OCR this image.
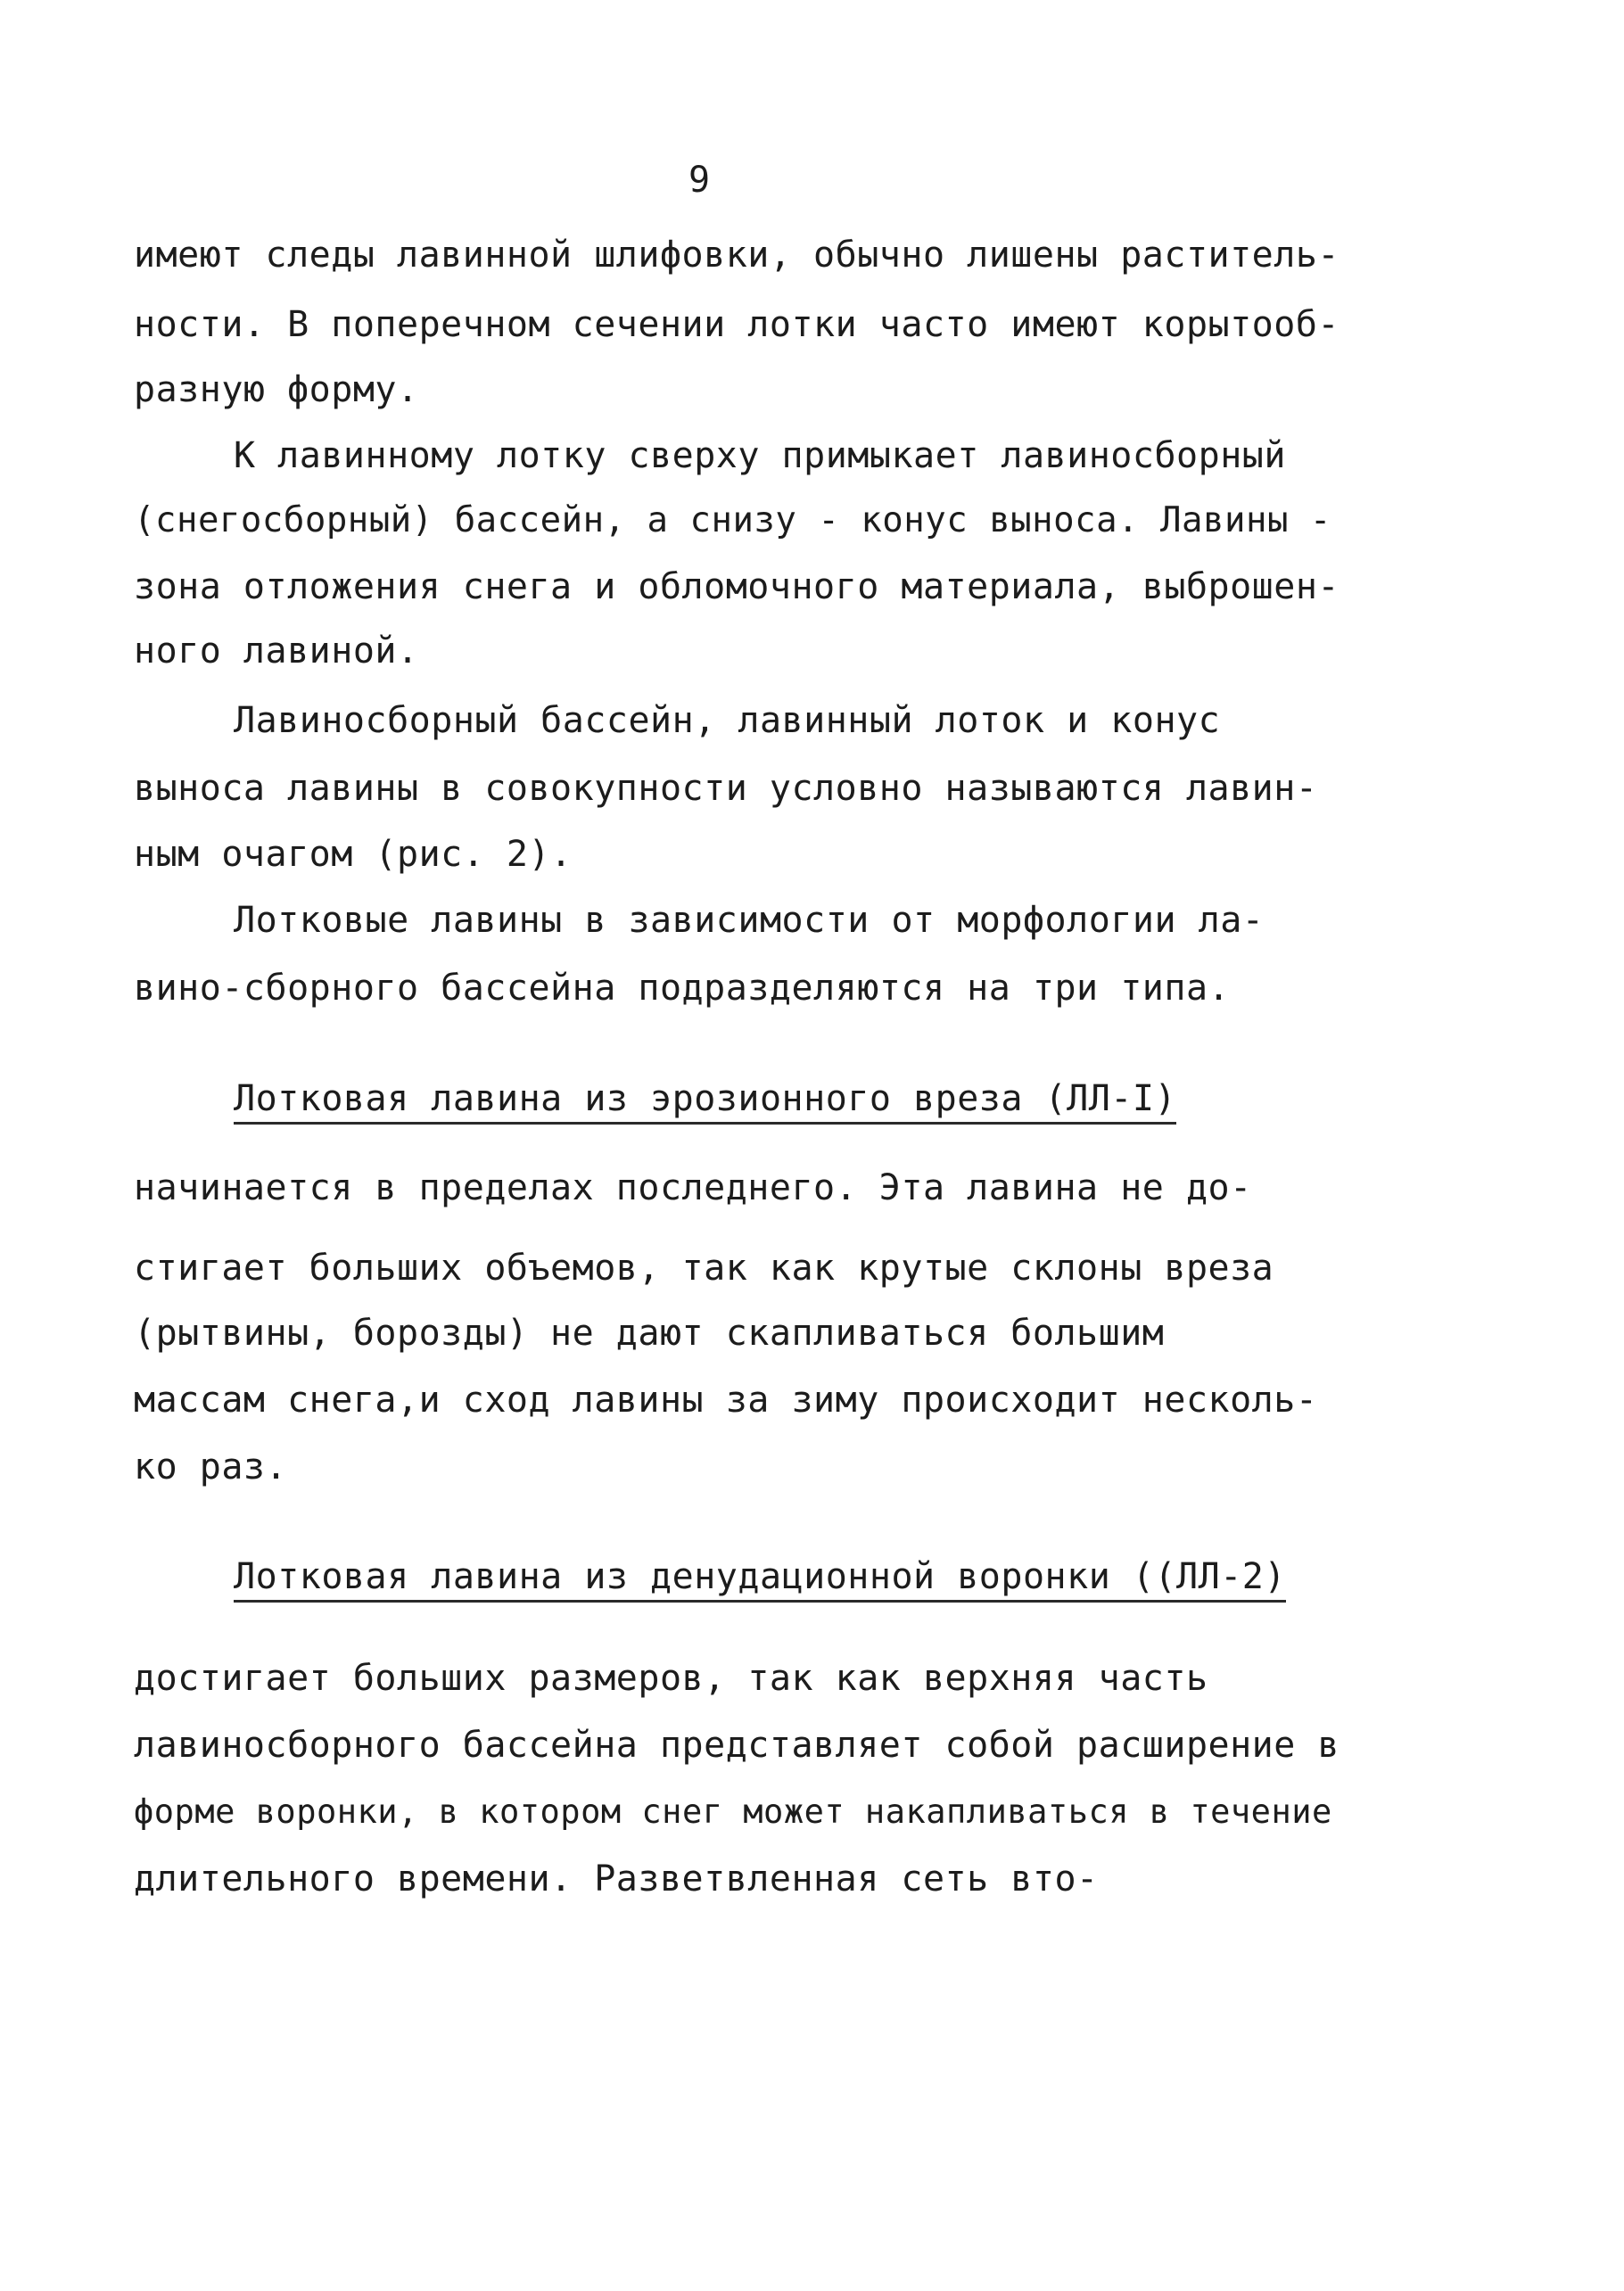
9
имеют следы лавинной шлифовки, обычно лишены раститель-
ности. В поперечном сечении лотки часто имеют корытооб-
разную форму.
К лавинному лотку сверху примыкает лавиносборный
(снегосборный) бассейн, а снизу - конус выноса. Лавины -
зона отложения снега и обломочного материала, выброшен-
ного лавиной.
Лавиносборный бассейн, лавинный лоток и конус
выноса лавины в совокупности условно называются лавин-
ным очагом (рис. 2).
Лотковые лавины в зависимости от морфологии ла-
вино-сборного бассейна подразделяются на три типа.
Лотковая лавина из эрозионного вреза (ЛЛ-I)
начинается в пределах последнего. Эта лавина не до-
стигает больших объемов, так как крутые склоны вреза
(рытвины, борозды) не дают скапливаться большим
массам снега,и сход лавины за зиму происходит несколь-
ко раз.
Лотковая лавина из денудационной воронки ((ЛЛ-2)
достигает больших размеров, так как верхняя часть
лавиносборного бассейна представляет собой расширение в
форме воронки, в котором снег может накапливаться в течение
длительного времени. Разветвленная сеть вто-
